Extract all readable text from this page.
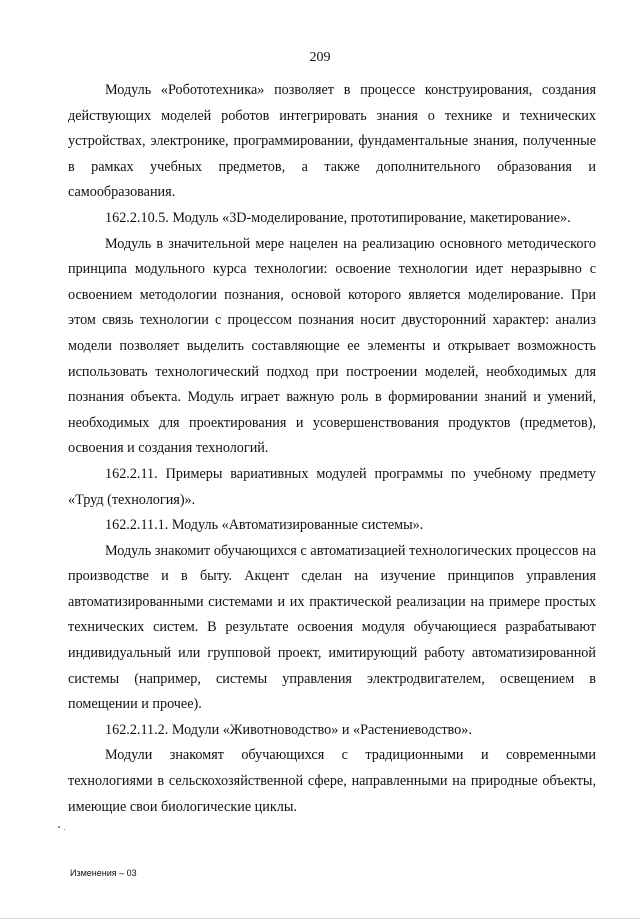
209

Модуль «Робототехника» позволяет в процессе конструирования, создания действующих моделей роботов интегрировать знания о технике и технических устройствах, электронике, программировании, фундаментальные знания, полученные в рамках учебных предметов, а также дополнительного образования и самообразования.

162.2.10.5. Модуль «3D-моделирование, прототипирование, макетирование».

Модуль в значительной мере нацелен на реализацию основного методического принципа модульного курса технологии: освоение технологии идет неразрывно с освоением методологии познания, основой которого является моделирование. При этом связь технологии с процессом познания носит двусторонний характер: анализ модели позволяет выделить составляющие ее элементы и открывает возможность использовать технологический подход при построении моделей, необходимых для познания объекта. Модуль играет важную роль в формировании знаний и умений, необходимых для проектирования и усовершенствования продуктов (предметов), освоения и создания технологий.

162.2.11. Примеры вариативных модулей программы по учебному предмету «Труд (технология)».

162.2.11.1. Модуль «Автоматизированные системы».

Модуль знакомит обучающихся с автоматизацией технологических процессов на производстве и в быту. Акцент сделан на изучение принципов управления автоматизированными системами и их практической реализации на примере простых технических систем. В результате освоения модуля обучающиеся разрабатывают индивидуальный или групповой проект, имитирующий работу автоматизированной системы (например, системы управления электродвигателем, освещением в помещении и прочее).

162.2.11.2. Модули «Животноводство» и «Растениеводство».

Модули знакомят обучающихся с традиционными и современными технологиями в сельскохозяйственной сфере, направленными на природные объекты, имеющие свои биологические циклы.

Изменения – 03
